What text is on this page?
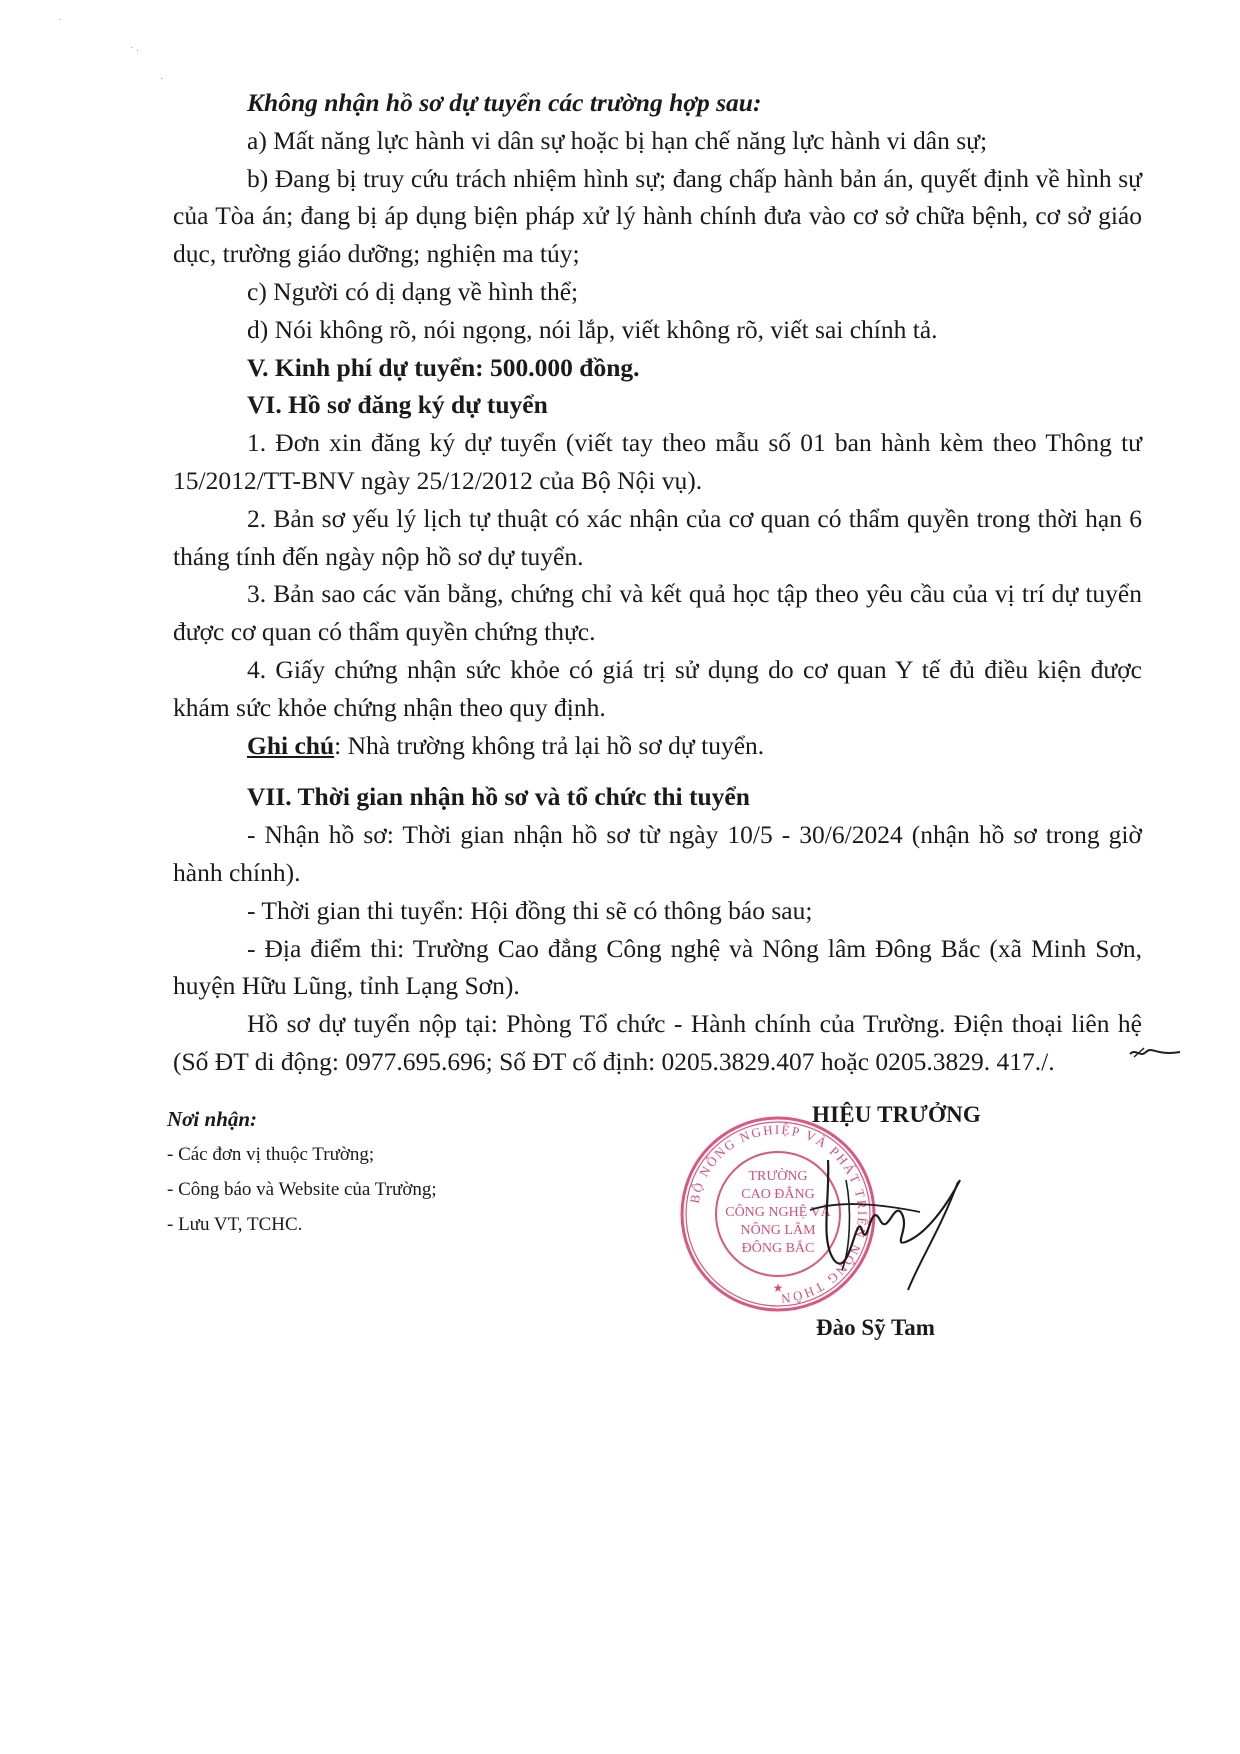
˙
˙ ·
·

Không nhận hồ sơ dự tuyển các trường hợp sau:

a) Mất năng lực hành vi dân sự hoặc bị hạn chế năng lực hành vi dân sự;

b) Đang bị truy cứu trách nhiệm hình sự; đang chấp hành bản án, quyết định về hình sự của Tòa án; đang bị áp dụng biện pháp xử lý hành chính đưa vào cơ sở chữa bệnh, cơ sở giáo dục, trường giáo dưỡng; nghiện ma túy;

c) Người có dị dạng về hình thể;

d) Nói không rõ, nói ngọng, nói lắp, viết không rõ, viết sai chính tả.

V. Kinh phí dự tuyển: 500.000 đồng.

VI. Hồ sơ đăng ký dự tuyển

1. Đơn xin đăng ký dự tuyển (viết tay theo mẫu số 01 ban hành kèm theo Thông tư 15/2012/TT-BNV ngày 25/12/2012 của Bộ Nội vụ).

2. Bản sơ yếu lý lịch tự thuật có xác nhận của cơ quan có thẩm quyền trong thời hạn 6 tháng tính đến ngày nộp hồ sơ dự tuyển.

3. Bản sao các văn bằng, chứng chỉ và kết quả học tập theo yêu cầu của vị trí dự tuyển được cơ quan có thẩm quyền chứng thực.

4. Giấy chứng nhận sức khỏe có giá trị sử dụng do cơ quan Y tế đủ điều kiện được khám sức khỏe chứng nhận theo quy định.

Ghi chú: Nhà trường không trả lại hồ sơ dự tuyển.

VII. Thời gian nhận hồ sơ và tổ chức thi tuyển

- Nhận hồ sơ: Thời gian nhận hồ sơ từ ngày 10/5 - 30/6/2024 (nhận hồ sơ trong giờ hành chính).

- Thời gian thi tuyển: Hội đồng thi sẽ có thông báo sau;

- Địa điểm thi: Trường Cao đẳng Công nghệ và Nông lâm Đông Bắc (xã Minh Sơn, huyện Hữu Lũng, tỉnh Lạng Sơn).

Hồ sơ dự tuyển nộp tại: Phòng Tổ chức - Hành chính của Trường. Điện thoại liên hệ (Số ĐT di động: 0977.695.696; Số ĐT cố định: 0205.3829.407 hoặc 0205.3829. 417./.

Nơi nhận:
- Các đơn vị thuộc Trường;
- Công báo và Website của Trường;
- Lưu VT, TCHC.
HIỆU TRƯỞNG
BỘ NÔNG NGHIỆP VÀ PHÁT TRIỂN NÔNG THÔN
TRƯỜNG
CAO ĐẲNG
CÔNG NGHỆ VÀ
NÔNG LÂM
ĐÔNG BẮC
★
Đào Sỹ Tam
